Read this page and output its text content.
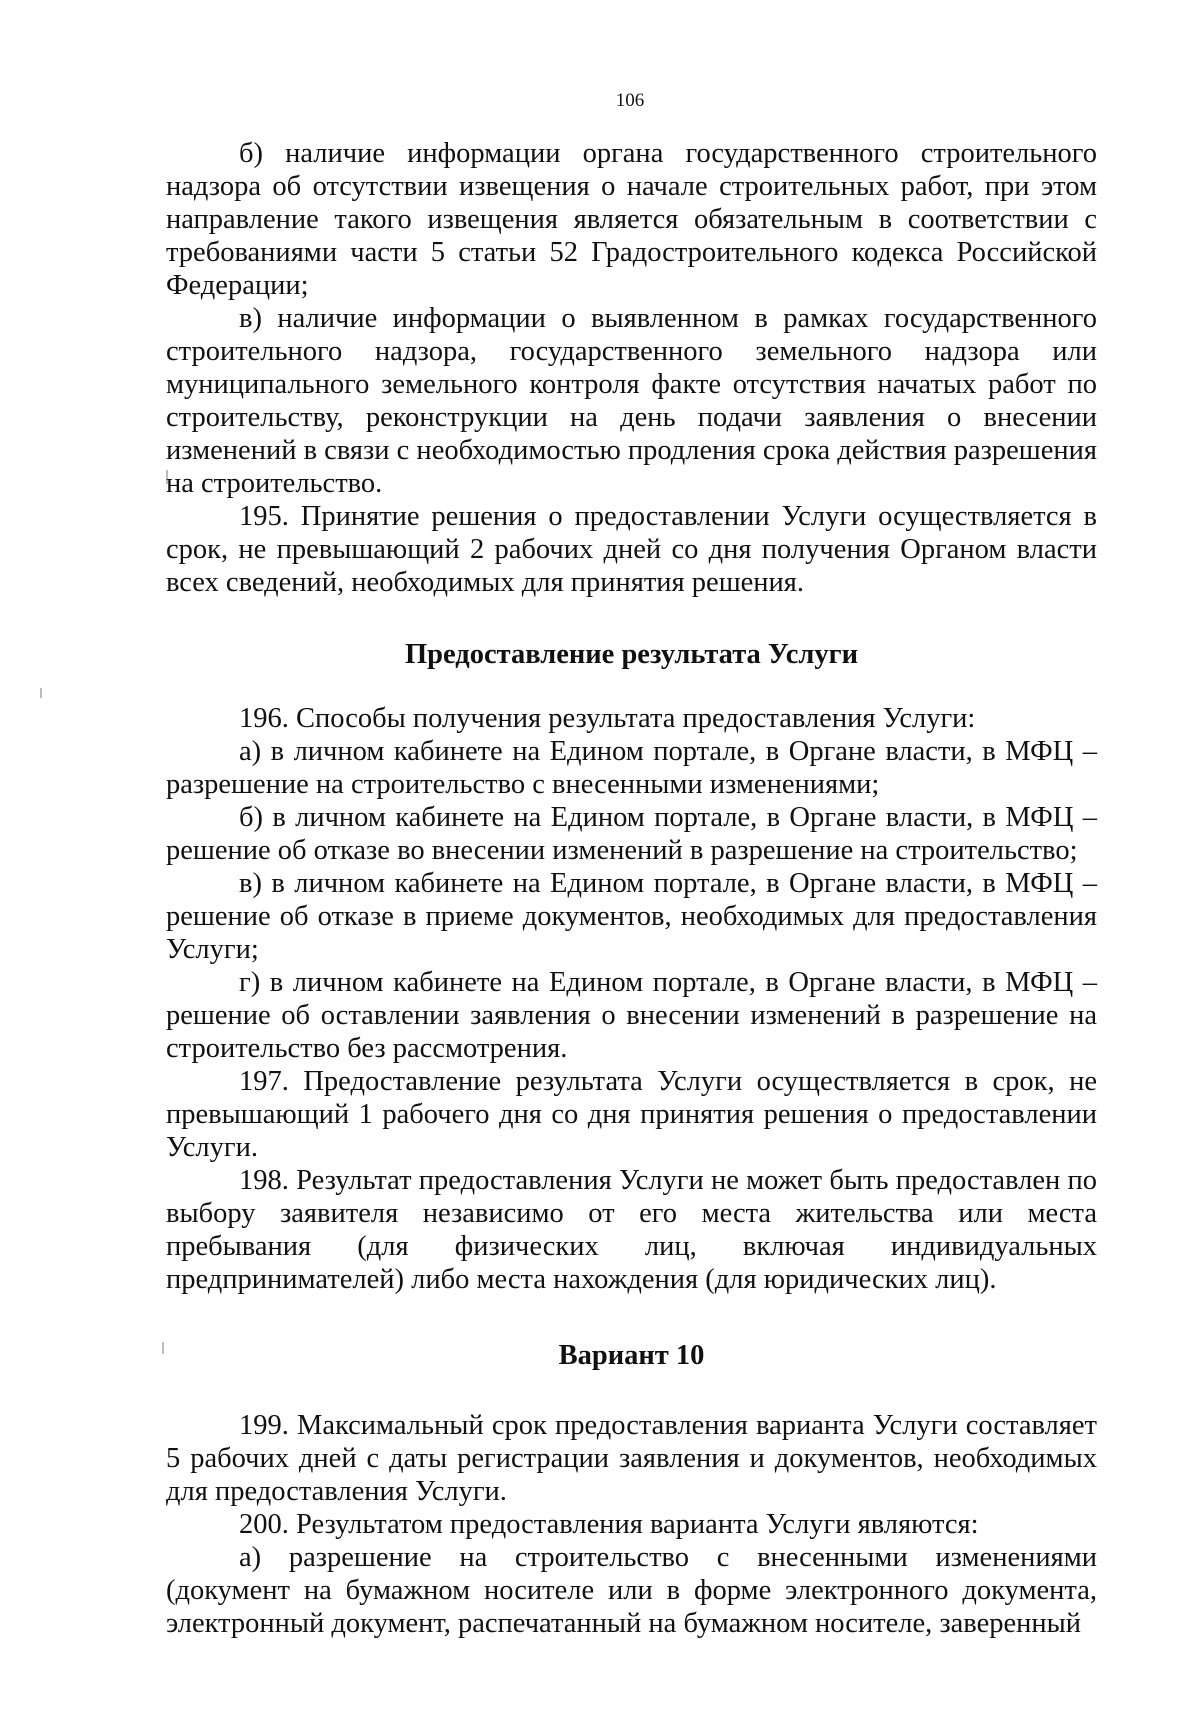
106

б) наличие информации органа государственного строительного надзора об отсутствии извещения о начале строительных работ, при этом направление такого извещения является обязательным в соответствии с требованиями части 5 статьи 52 Градостроительного кодекса Российской Федерации;

в) наличие информации о выявленном в рамках государственного строительного надзора, государственного земельного надзора или муниципального земельного контроля факте отсутствия начатых работ по строительству, реконструкции на день подачи заявления о внесении изменений в связи с необходимостью продления срока действия разрешения на строительство.

195. Принятие решения о предоставлении Услуги осуществляется в срок, не превышающий 2 рабочих дней со дня получения Органом власти всех сведений, необходимых для принятия решения.

Предоставление результата Услуги

196. Способы получения результата предоставления Услуги:

а) в личном кабинете на Едином портале, в Органе власти, в МФЦ – разрешение на строительство с внесенными изменениями;

б) в личном кабинете на Едином портале, в Органе власти, в МФЦ – решение об отказе во внесении изменений в разрешение на строительство;

в) в личном кабинете на Едином портале, в Органе власти, в МФЦ – решение об отказе в приеме документов, необходимых для предоставления Услуги;

г) в личном кабинете на Едином портале, в Органе власти, в МФЦ – решение об оставлении заявления о внесении изменений в разрешение на строительство без рассмотрения.

197. Предоставление результата Услуги осуществляется в срок, не превышающий 1 рабочего дня со дня принятия решения о предоставлении Услуги.

198. Результат предоставления Услуги не может быть предоставлен по выбору заявителя независимо от его места жительства или места пребывания (для физических лиц, включая индивидуальных предпринимателей) либо места нахождения (для юридических лиц).

Вариант 10

199. Максимальный срок предоставления варианта Услуги составляет 5 рабочих дней с даты регистрации заявления и документов, необходимых для предоставления Услуги.

200. Результатом предоставления варианта Услуги являются:

а) разрешение на строительство с внесенными изменениями (документ на бумажном носителе или в форме электронного документа, электронный документ, распечатанный на бумажном носителе, заверенный
